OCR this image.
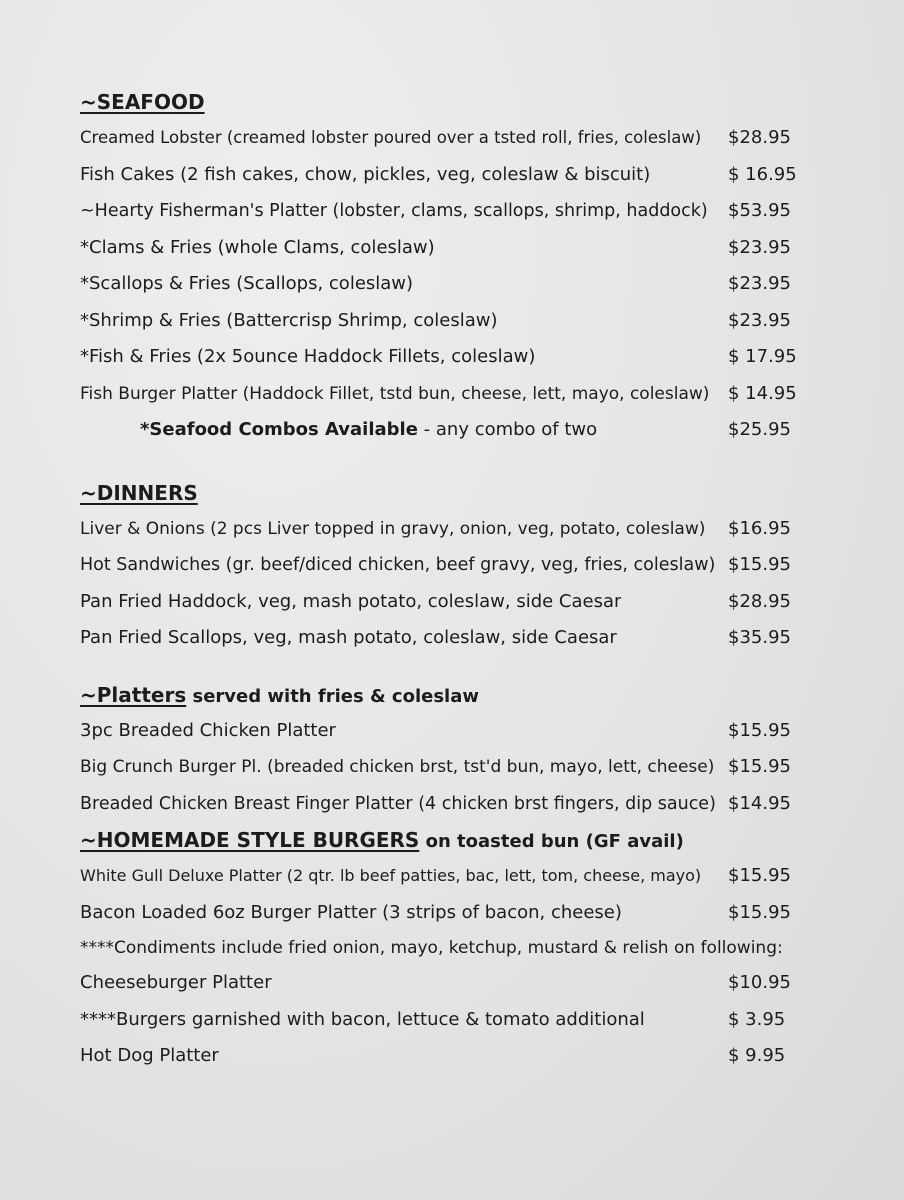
~SEAFOOD
Creamed Lobster (creamed lobster poured over a tsted roll, fries, coleslaw) $28.95
Fish Cakes (2 fish cakes, chow, pickles, veg, coleslaw & biscuit)	$ 16.95
~Hearty Fisherman's Platter (lobster, clams, scallops, shrimp, haddock) $53.95
*Clams & Fries (whole Clams, coleslaw)	$23.95
*Scallops & Fries (Scallops, coleslaw)	$23.95
*Shrimp & Fries (Battercrisp Shrimp, coleslaw)	$23.95
*Fish & Fries (2x 5ounce Haddock Fillets, coleslaw)	$ 17.95
Fish Burger Platter (Haddock Fillet, tstd bun, cheese, lett, mayo, coleslaw) $ 14.95
*Seafood Combos Available - any combo of two	$25.95
~DINNERS
Liver & Onions (2 pcs Liver topped in gravy, onion, veg, potato, coleslaw) $16.95
Hot Sandwiches (gr. beef/diced chicken, beef gravy, veg, fries, coleslaw) $15.95
Pan Fried Haddock, veg, mash potato, coleslaw, side Caesar	$28.95
Pan Fried Scallops, veg, mash potato, coleslaw, side Caesar	$35.95
~Platters served with fries & coleslaw
3pc Breaded Chicken Platter	$15.95
Big Crunch Burger Pl. (breaded chicken brst, tst'd bun, mayo, lett, cheese) $15.95
Breaded Chicken Breast Finger Platter (4 chicken brst fingers, dip sauce) $14.95
~HOMEMADE STYLE BURGERS on toasted bun (GF avail)
White Gull Deluxe Platter (2 qtr. lb beef patties, bac, lett, tom, cheese, mayo) $15.95
Bacon Loaded 6oz Burger Platter (3 strips of bacon, cheese)	$15.95
****Condiments include fried onion, mayo, ketchup, mustard & relish on following:
Cheeseburger Platter	$10.95
****Burgers garnished with bacon, lettuce & tomato additional	$ 3.95
Hot Dog Platter	$ 9.95
